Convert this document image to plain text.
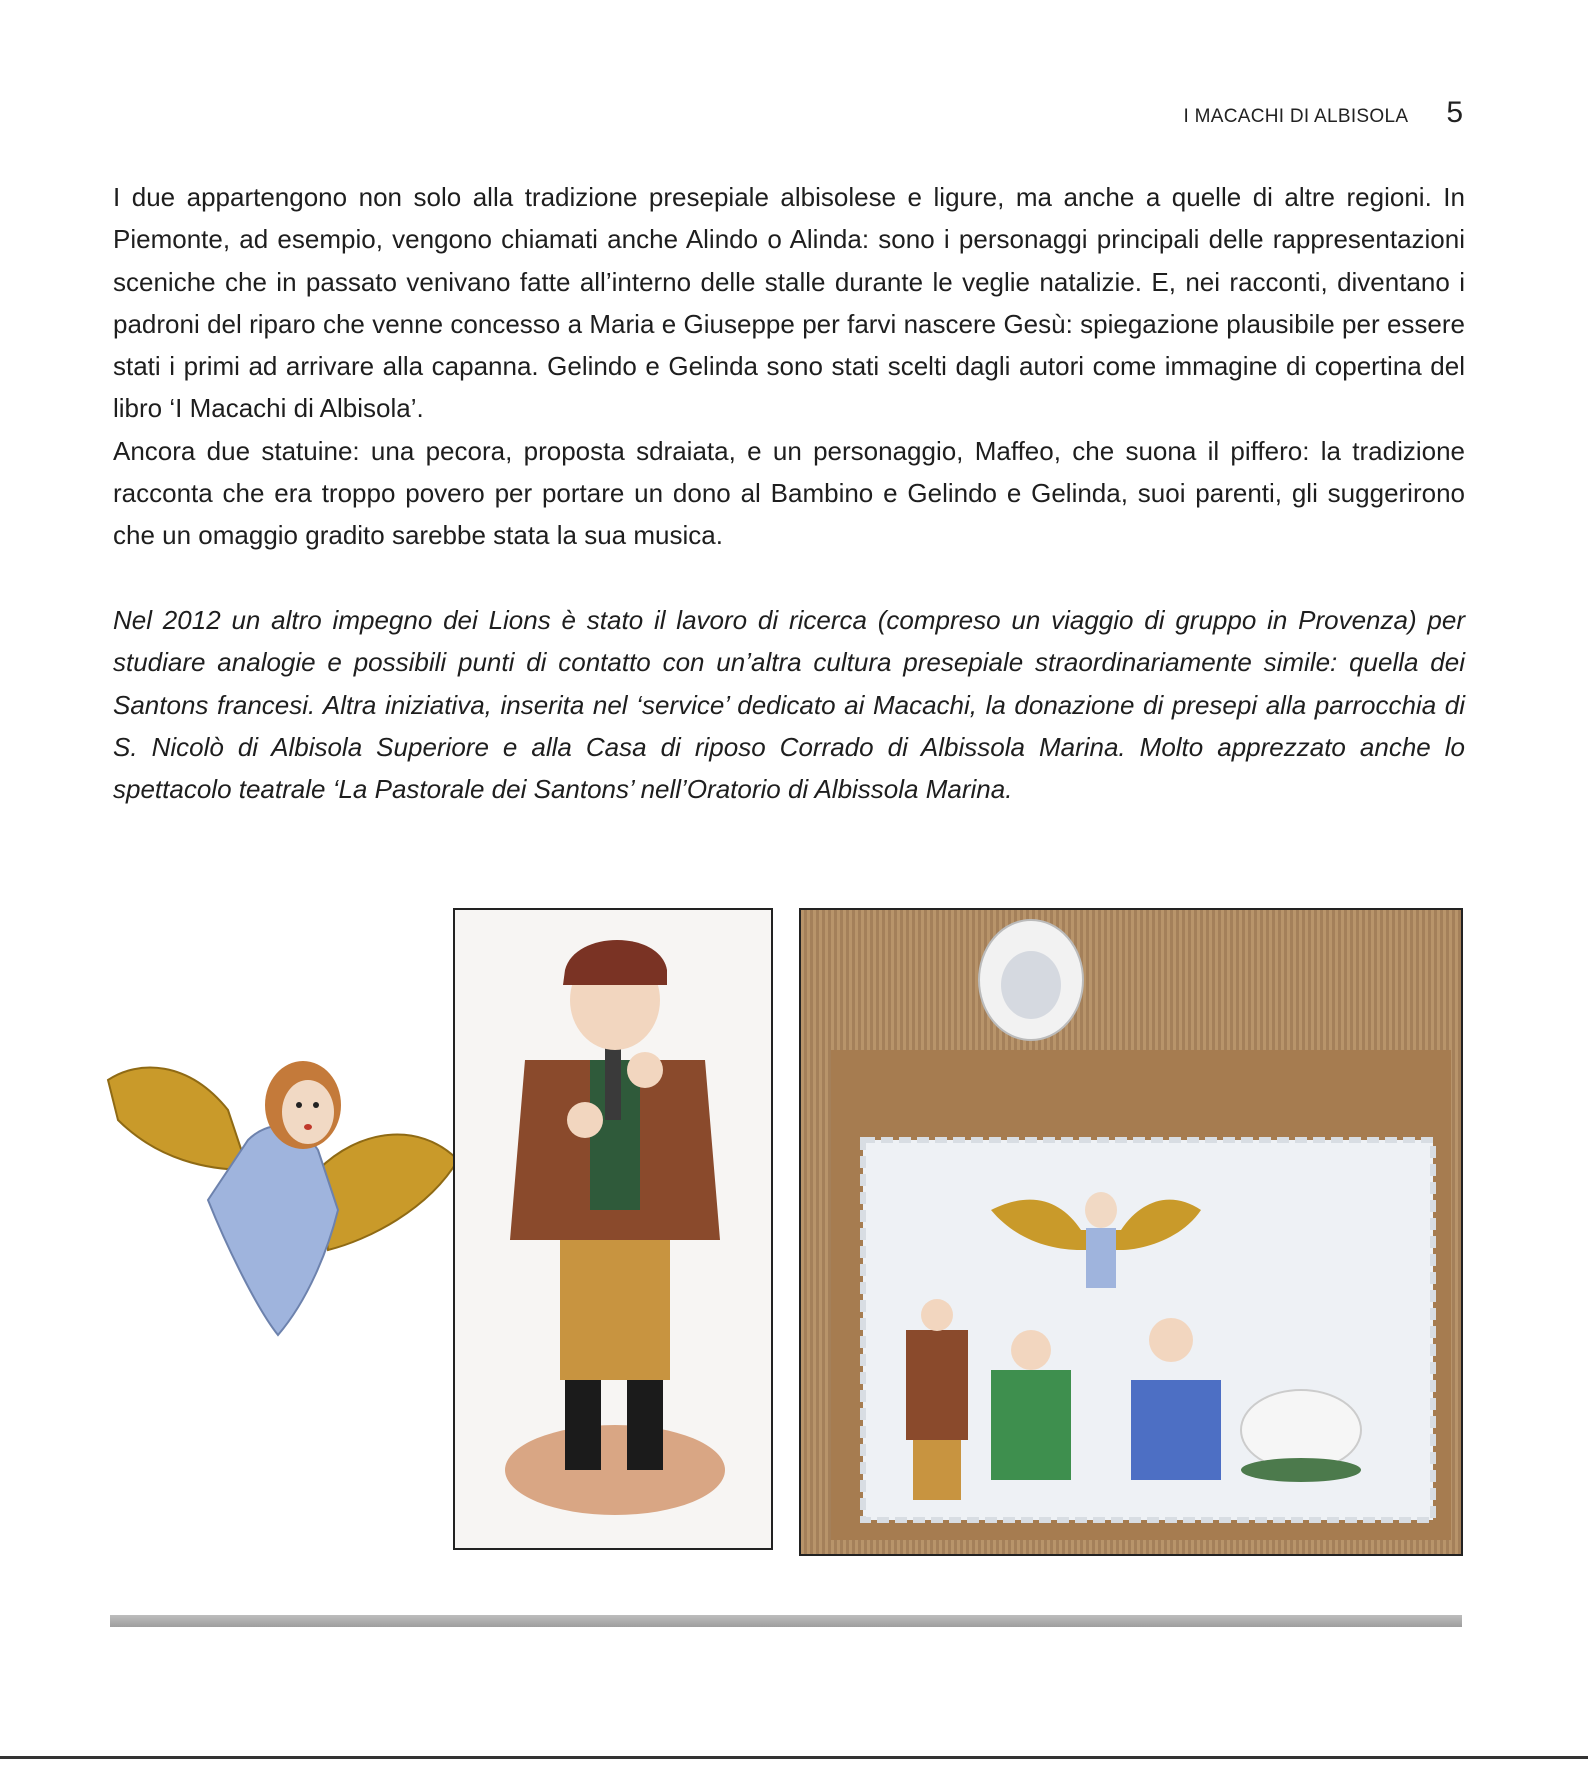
I MACACHI DI ALBISOLA 5

I due appartengono non solo alla tradizione presepiale albisolese e ligure, ma anche a quelle di altre regioni. In Piemonte, ad esempio, vengono chiamati anche Alindo o Alinda: sono i personaggi principali delle rappresentazioni sceniche che in passato venivano fatte all’interno delle stalle durante le veglie natalizie. E, nei racconti, diventano i padroni del riparo che venne concesso a Maria e Giuseppe per farvi nascere Gesù: spiegazione plausibile per essere stati i primi ad arrivare alla capanna. Gelindo e Gelinda sono stati scelti dagli autori come immagine di copertina del libro ‘I Macachi di Albisola’.

Ancora due statuine: una pecora, proposta sdraiata, e un personaggio, Maffeo, che suona il piffero: la tradizione racconta che era troppo povero per portare un dono al Bambino e Gelindo e Gelinda, suoi parenti, gli suggerirono che un omaggio gradito sarebbe stata la sua musica.

Nel 2012 un altro impegno dei Lions è stato il lavoro di ricerca (compreso un viaggio di gruppo in Provenza) per studiare analogie e possibili punti di contatto con un’altra cultura presepiale straordinariamente simile: quella dei Santons francesi. Altra iniziativa, inserita nel ‘service’ dedicato ai Macachi, la donazione di presepi alla parrocchia di S. Nicolò di Albisola Superiore e alla Casa di riposo Corrado di Albissola Marina. Molto apprezzato anche lo spettacolo teatrale ‘La Pastorale dei Santons’ nell’Oratorio di Albissola Marina.
